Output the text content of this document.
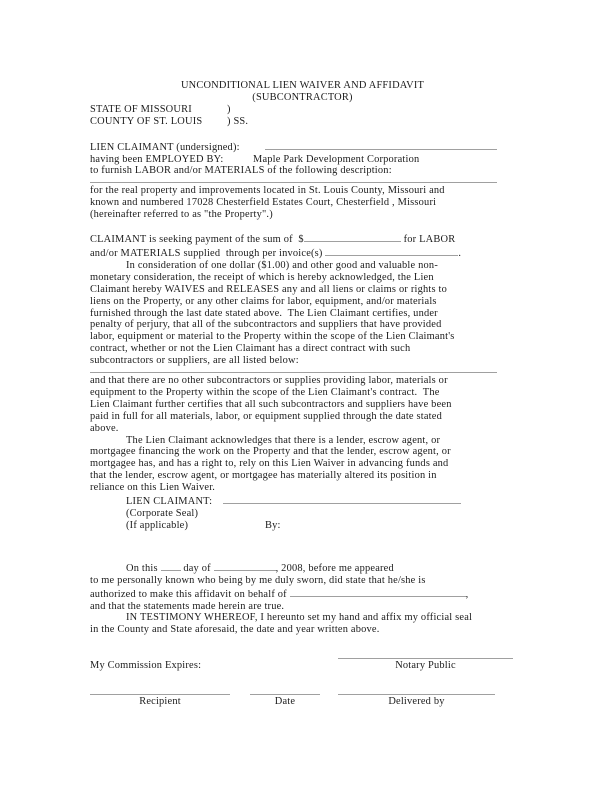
UNCONDITIONAL LIEN WAIVER AND AFFIDAVIT
(SUBCONTRACTOR)
STATE OF MISSOURI	)
COUNTY OF ST. LOUIS ) SS.
LIEN CLAIMANT (undersigned):
having been EMPLOYED BY:	Maple Park Development Corporation
to furnish LABOR and/or MATERIALS of the following description:
for the real property and improvements located in St. Louis County, Missouri and
known and numbered 17028 Chesterfield Estates Court, Chesterfield , Missouri
(hereinafter referred to as "the Property".)
CLAIMANT is seeking payment of the sum of  $	for LABOR
and/or MATERIALS supplied  through per invoice(s)	.
In consideration of one dollar ($1.00) and other good and valuable non-
monetary consideration, the receipt of which is hereby acknowledged, the Lien
Claimant hereby WAIVES and RELEASES any and all liens or claims or rights to
liens on the Property, or any other claims for labor, equipment, and/or materials
furnished through the last date stated above.  The Lien Claimant certifies, under
penalty of perjury, that all of the subcontractors and suppliers that have provided
labor, equipment or material to the Property within the scope of the Lien Claimant's
contract, whether or not the Lien Claimant has a direct contract with such
subcontractors or suppliers, are all listed below:
and that there are no other subcontractors or supplies providing labor, materials or
equipment to the Property within the scope of the Lien Claimant's contract.  The
Lien Claimant further certifies that all such subcontractors and suppliers have been
paid in full for all materials, labor, or equipment supplied through the date stated
above.
The Lien Claimant acknowledges that there is a lender, escrow agent, or
mortgagee financing the work on the Property and that the lender, escrow agent, or
mortgagee has, and has a right to, rely on this Lien Waiver in advancing funds and
that the lender, escrow agent, or mortgagee has materially altered its position in
reliance on this Lien Waiver.
LIEN CLAIMANT:
(Corporate Seal)
(If applicable)	By:
On this  day of	, 2008, before me appeared
to me personally known who being by me duly sworn, did state that he/she is
authorized to make this affidavit on behalf of	,
and that the statements made herein are true.
IN TESTIMONY WHEREOF, I hereunto set my hand and affix my official seal
in the County and State aforesaid, the date and year written above.
My Commission Expires:	Notary Public
Recipient	Date	Delivered by
